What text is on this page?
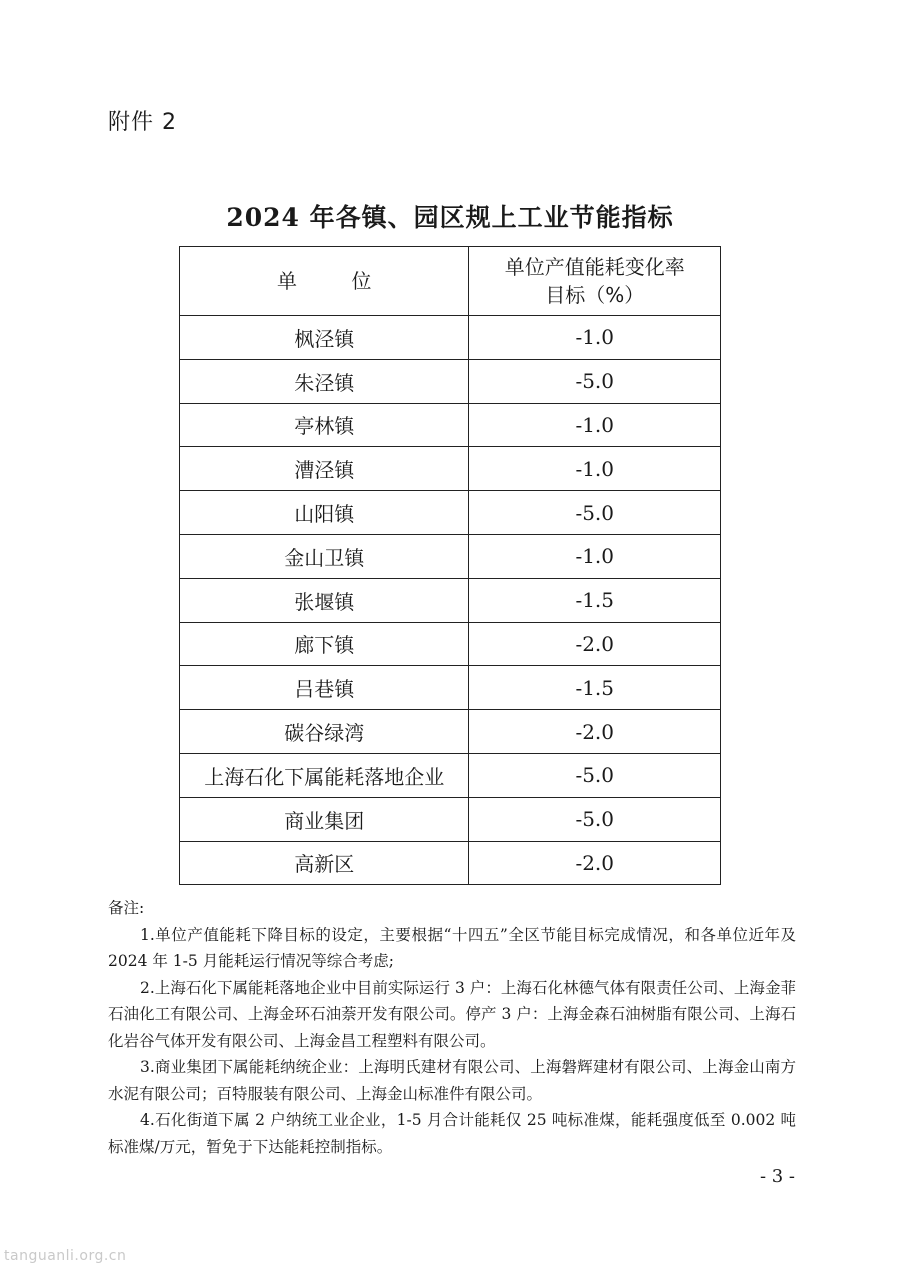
附件 2
2024 年各镇、园区规上工业节能指标
单 位	单位产值能耗变化率
目标（%）

枫泾镇	-1.0
朱泾镇	-5.0
亭林镇	-1.0
漕泾镇	-1.0
山阳镇	-5.0
金山卫镇	-1.0
张堰镇	-1.5
廊下镇	-2.0
吕巷镇	-1.5
碳谷绿湾	-2.0
上海石化下属能耗落地企业	-5.0
商业集团	-5.0
高新区	-2.0
备注:

1.单位产值能耗下降目标的设定，主要根据“十四五”全区节能目标完成情况，和各单位近年及 2024 年 1-5 月能耗运行情况等综合考虑;

2.上海石化下属能耗落地企业中目前实际运行 3 户：上海石化林德气体有限责任公司、上海金菲石油化工有限公司、上海金环石油萘开发有限公司。停产 3 户：上海金森石油树脂有限公司、上海石化岩谷气体开发有限公司、上海金昌工程塑料有限公司。

3.商业集团下属能耗纳统企业：上海明氏建材有限公司、上海磐辉建材有限公司、上海金山南方水泥有限公司；百特服装有限公司、上海金山标准件有限公司。

4.石化街道下属 2 户纳统工业企业，1-5 月合计能耗仅 25 吨标准煤，能耗强度低至 0.002 吨标准煤/万元，暂免于下达能耗控制指标。

- 3 -
tanguanli.org.cn
